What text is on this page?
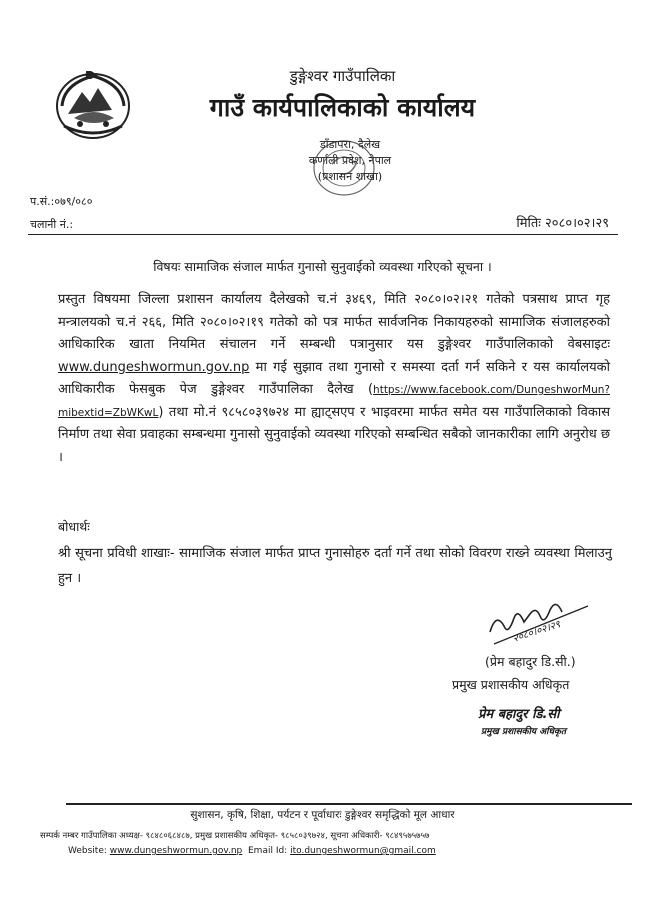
डुङ्गेश्वर गाउँपालिका
गाउँ कार्यपालिकाको कार्यालय
डाँडापरा, दैलेख
कर्णाली प्रदेश, नेपाल
(प्रशासन शाखा)
प.सं.:०७९/०८०
चलानी नं.:	मितिः २०८०।०२।२९
विषयः सामाजिक संजाल मार्फत गुनासो सुनुवाईको व्यवस्था गरिएको सूचना ।
प्रस्तुत विषयमा जिल्ला प्रशासन कार्यालय दैलेखको च.नं ३४६९, मिति २०८०।०२।२१ गतेको पत्रसाथ प्राप्त गृह मन्त्रालयको च.नं २६६, मिति २०८०।०२।१९ गतेको को पत्र मार्फत सार्वजनिक निकायहरुको सामाजिक संजालहरुको आधिकारिक खाता नियमित संचालन गर्ने सम्बन्धी पत्रानुसार यस डुङ्गेश्वर गाउँपालिकाको वेबसाइटः www.dungeshwormun.gov.np मा गई सुझाव तथा गुनासो र समस्या दर्ता गर्न सकिने र यस कार्यालयको आधिकारीक फेसबुक पेज डुङ्गेश्वर गाउँपालिका दैलेख (https://www.facebook.com/DungeshworMun?mibextid=ZbWKwL) तथा मो.नं ९८५८०३९७२४ मा ह्याट्सएप र भाइवरमा मार्फत समेत यस गाउँपालिकाको विकास निर्माण तथा सेवा प्रवाहका सम्बन्धमा गुनासो सुनुवाईको व्यवस्था गरिएको सम्बन्धित सबैको जानकारीका लागि अनुरोध छ ।
बोधार्थः
श्री सूचना प्रविधी शाखाः- सामाजिक संजाल मार्फत प्राप्त गुनासोहरु दर्ता गर्ने तथा सोको विवरण राख्ने व्यवस्था मिलाउनु हुन ।
२०८०।०२।२९
(प्रेम बहादुर डि.सी.)
प्रमुख प्रशासकीय अधिकृत
प्रेम बहादुर डि.सी
प्रमुख प्रशासकीय अधिकृत
सुशासन, कृषि, शिक्षा, पर्यटन र पूर्वाधारः डुङ्गेश्वर समृद्धिको मूल आधार
सम्पर्क नम्बर गाउँपालिका अध्यक्ष- ९८४८०६८४८७, प्रमुख प्रशासकीय अधिकृत- ९८५८०३९७२४, सूचना अधिकारी- ९८४९५७५७५७
Website: www.dungeshwormun.gov.np Email Id: ito.dungeshwormun@gmail.com
